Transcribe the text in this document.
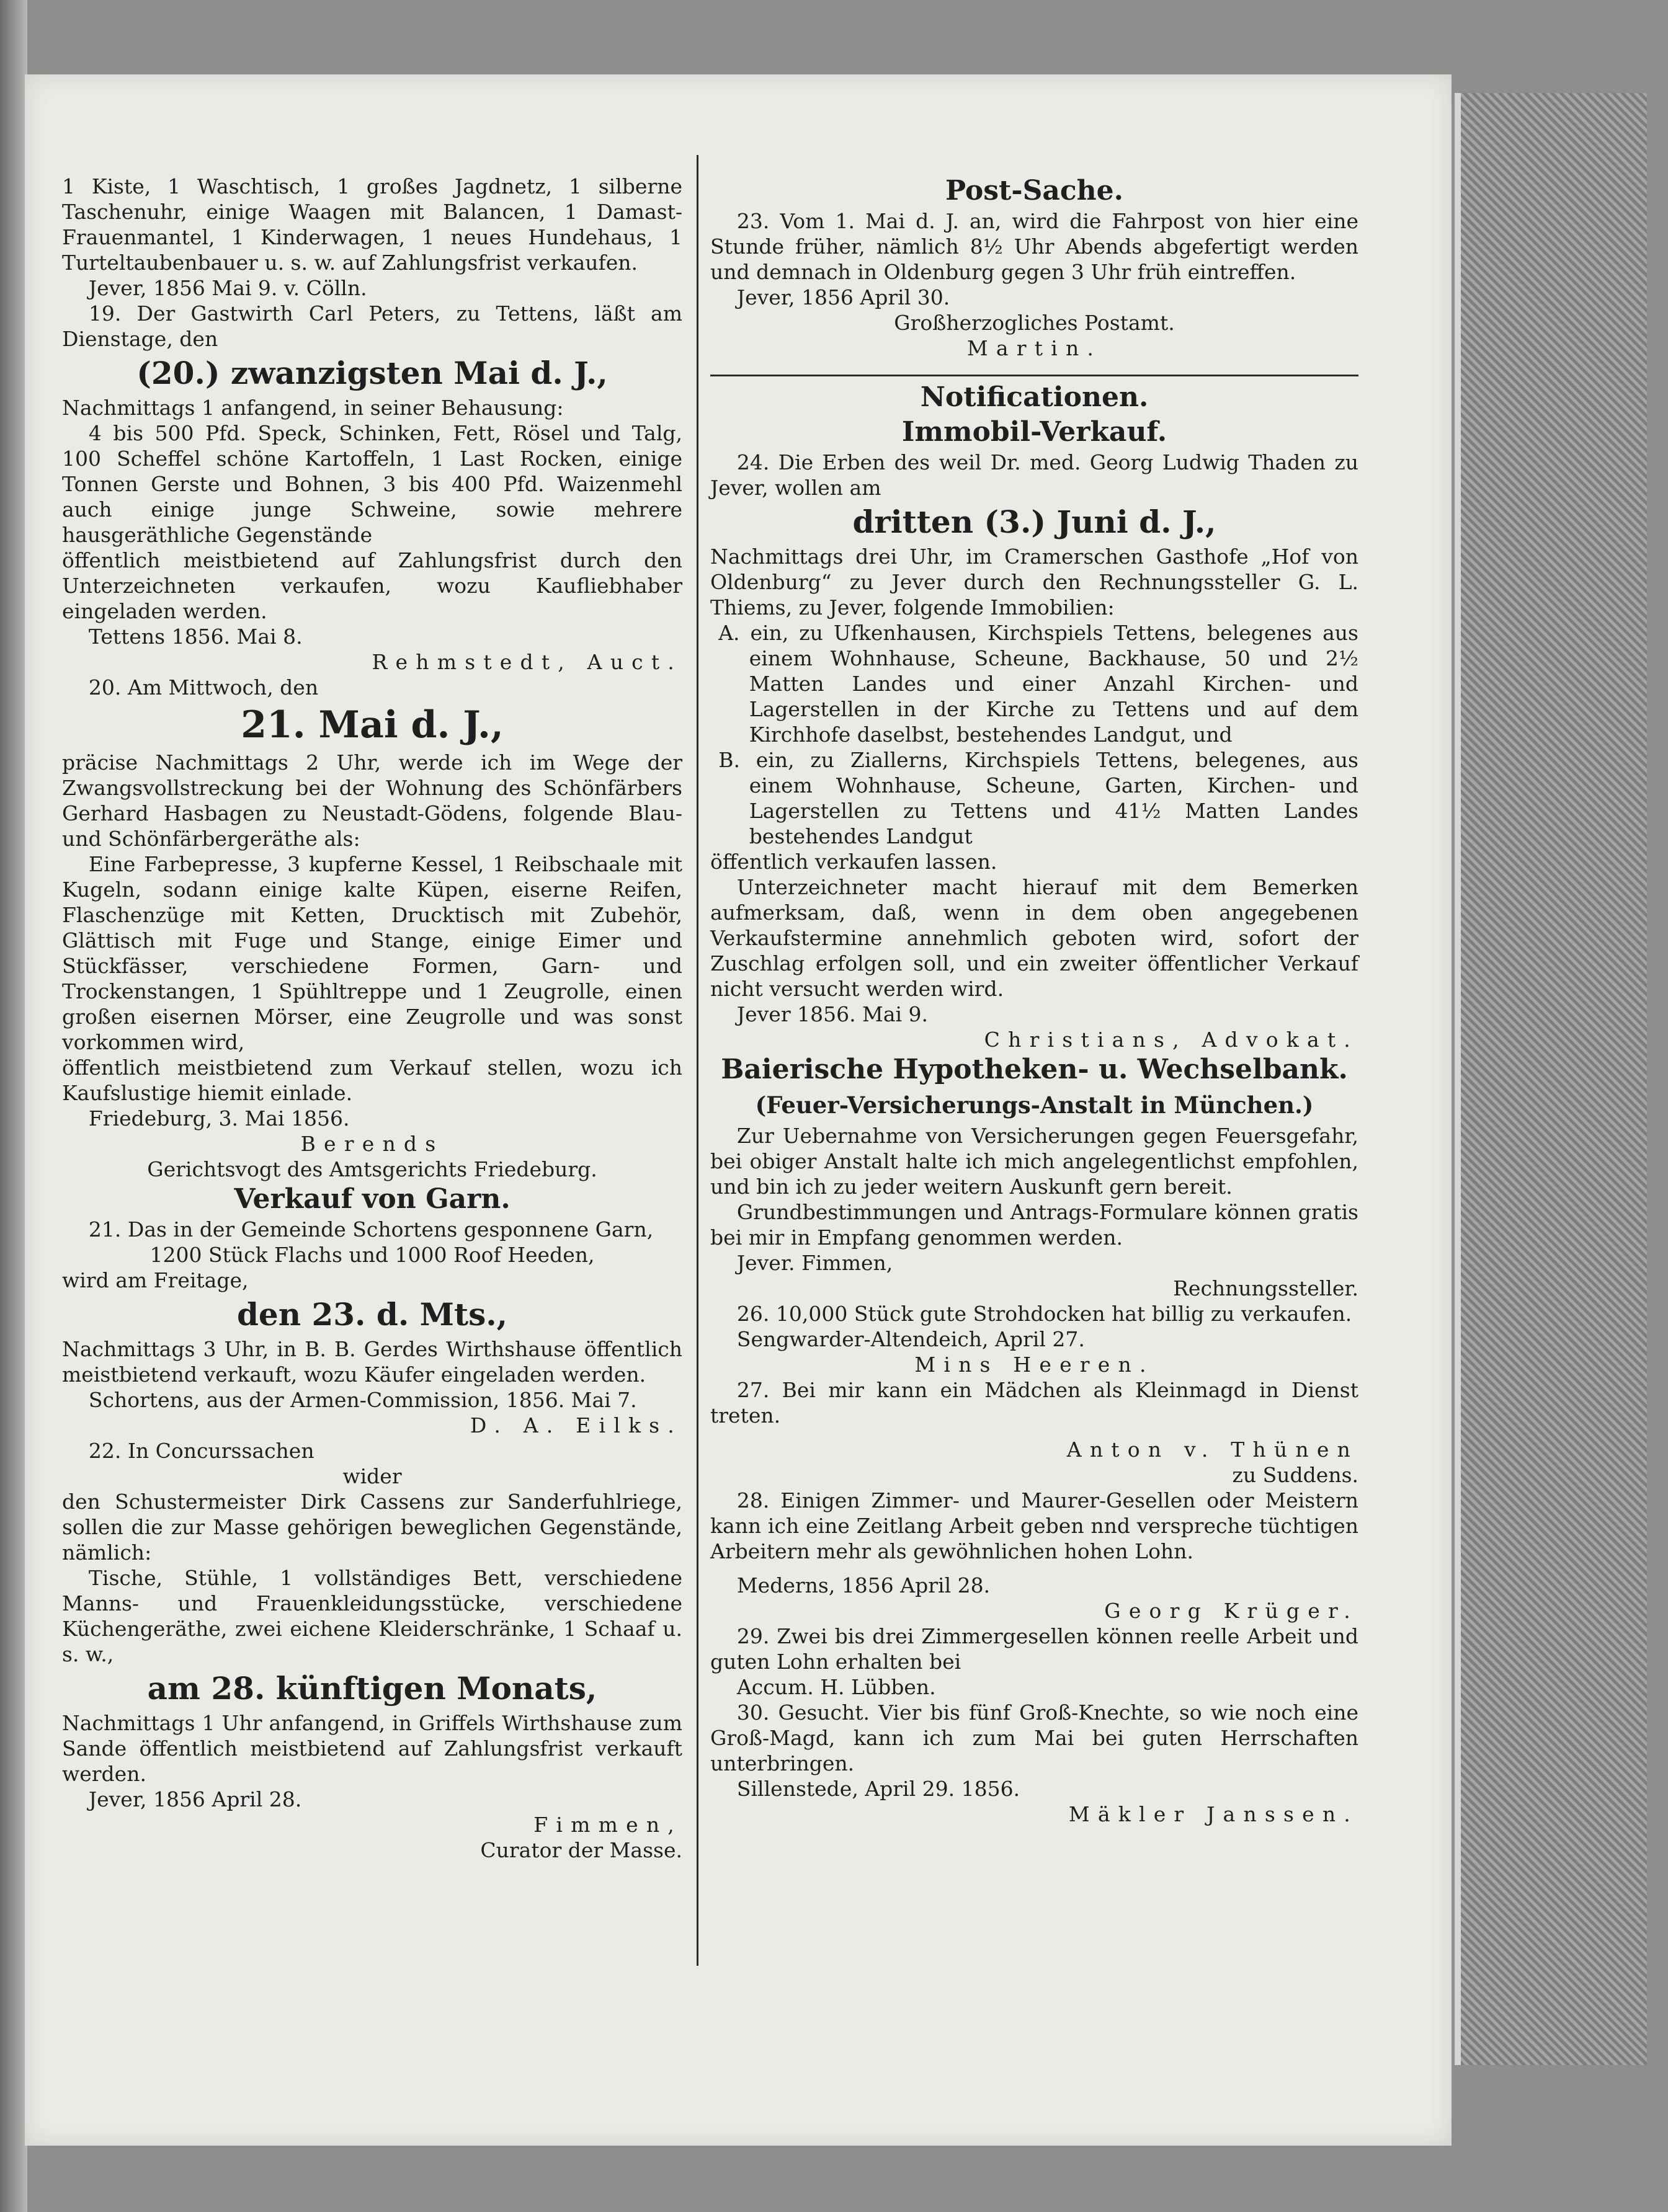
1 Kiste, 1 Waschtisch, 1 großes Jagdnetz, 1 silberne Taschenuhr, einige Waagen mit Balancen, 1 Damast-Frauenmantel, 1 Kinderwagen, 1 neues Hundehaus, 1 Turteltaubenbauer u. s. w. auf Zahlungsfrist verkaufen.

Jever, 1856 Mai 9. v. Cölln.

19. Der Gastwirth Carl Peters, zu Tettens, läßt am Dienstage, den

(20.) zwanzigsten Mai d. J.,

Nachmittags 1 anfangend, in seiner Behausung:

4 bis 500 Pfd. Speck, Schinken, Fett, Rösel und Talg, 100 Scheffel schöne Kartoffeln, 1 Last Rocken, einige Tonnen Gerste und Bohnen, 3 bis 400 Pfd. Waizenmehl auch einige junge Schweine, sowie mehrere hausgeräthliche Gegenstände

öffentlich meistbietend auf Zahlungsfrist durch den Unterzeichneten verkaufen, wozu Kaufliebhaber eingeladen werden.

Tettens 1856. Mai 8.

Rehmstedt, Auct.

20. Am Mittwoch, den

21. Mai d. J.,

präcise Nachmittags 2 Uhr, werde ich im Wege der Zwangsvollstreckung bei der Wohnung des Schönfärbers Gerhard Hasbagen zu Neustadt-Gödens, folgende Blau- und Schönfärbergeräthe als:

Eine Farbepresse, 3 kupferne Kessel, 1 Reibschaale mit Kugeln, sodann einige kalte Küpen, eiserne Reifen, Flaschenzüge mit Ketten, Drucktisch mit Zubehör, Glättisch mit Fuge und Stange, einige Eimer und Stückfässer, verschiedene Formen, Garn- und Trockenstangen, 1 Spühltreppe und 1 Zeugrolle, einen großen eisernen Mörser, eine Zeugrolle und was sonst vorkommen wird,

öffentlich meistbietend zum Verkauf stellen, wozu ich Kaufslustige hiemit einlade.

Friedeburg, 3. Mai 1856.

Berends

Gerichtsvogt des Amtsgerichts Friedeburg.

Verkauf von Garn.

21. Das in der Gemeinde Schortens gesponnene Garn,

1200 Stück Flachs und 1000 Roof Heeden,

wird am Freitage,

den 23. d. Mts.,

Nachmittags 3 Uhr, in B. B. Gerdes Wirthshause öffentlich meistbietend verkauft, wozu Käufer eingeladen werden.

Schortens, aus der Armen-Commission, 1856. Mai 7.

D. A. Eilks.

22. In Concurssachen

wider

den Schustermeister Dirk Cassens zur Sanderfuhlriege, sollen die zur Masse gehörigen beweglichen Gegenstände, nämlich:

Tische, Stühle, 1 vollständiges Bett, verschiedene Manns- und Frauenkleidungsstücke, verschiedene Küchengeräthe, zwei eichene Kleiderschränke, 1 Schaaf u. s. w.,

am 28. künftigen Monats,

Nachmittags 1 Uhr anfangend, in Griffels Wirthshause zum Sande öffentlich meistbietend auf Zahlungsfrist verkauft werden.

Jever, 1856 April 28.

Fimmen,

Curator der Masse.

Post-Sache.

23. Vom 1. Mai d. J. an, wird die Fahrpost von hier eine Stunde früher, nämlich 8½ Uhr Abends abgefertigt werden und demnach in Oldenburg gegen 3 Uhr früh eintreffen.

Jever, 1856 April 30.

Großherzogliches Postamt.

Martin.

Notificationen.

Immobil-Verkauf.

24. Die Erben des weil Dr. med. Georg Ludwig Thaden zu Jever, wollen am

dritten (3.) Juni d. J.,

Nachmittags drei Uhr, im Cramerschen Gasthofe „Hof von Oldenburg“ zu Jever durch den Rechnungssteller G. L. Thiems, zu Jever, folgende Immobilien:

A. ein, zu Ufkenhausen, Kirchspiels Tettens, belegenes aus einem Wohnhause, Scheune, Backhause, 50 und 2½ Matten Landes und einer Anzahl Kirchen- und Lagerstellen in der Kirche zu Tettens und auf dem Kirchhofe daselbst, bestehendes Landgut, und

B. ein, zu Ziallerns, Kirchspiels Tettens, belegenes, aus einem Wohnhause, Scheune, Garten, Kirchen- und Lagerstellen zu Tettens und 41½ Matten Landes bestehendes Landgut

öffentlich verkaufen lassen.

Unterzeichneter macht hierauf mit dem Bemerken aufmerksam, daß, wenn in dem oben angegebenen Verkaufstermine annehmlich geboten wird, sofort der Zuschlag erfolgen soll, und ein zweiter öffentlicher Verkauf nicht versucht werden wird.

Jever 1856. Mai 9.

Christians, Advokat.

Baierische Hypotheken- u. Wechselbank.

(Feuer-Versicherungs-Anstalt in München.)

Zur Uebernahme von Versicherungen gegen Feuersgefahr, bei obiger Anstalt halte ich mich angelegentlichst empfohlen, und bin ich zu jeder weitern Auskunft gern bereit.

Grundbestimmungen und Antrags-Formulare können gratis bei mir in Empfang genommen werden.

Jever. Fimmen,

Rechnungssteller.

26. 10,000 Stück gute Strohdocken hat billig zu verkaufen.

Sengwarder-Altendeich, April 27.

Mins Heeren.

27. Bei mir kann ein Mädchen als Kleinmagd in Dienst treten.

Anton v. Thünen

zu Suddens.

28. Einigen Zimmer- und Maurer-Gesellen oder Meistern kann ich eine Zeitlang Arbeit geben nnd verspreche tüchtigen Arbeitern mehr als gewöhnlichen hohen Lohn.

Mederns, 1856 April 28.

Georg Krüger.

29. Zwei bis drei Zimmergesellen können reelle Arbeit und guten Lohn erhalten bei

Accum. H. Lübben.

30. Gesucht. Vier bis fünf Groß-Knechte, so wie noch eine Groß-Magd, kann ich zum Mai bei guten Herrschaften unterbringen.

Sillenstede, April 29. 1856.

Mäkler Janssen.
